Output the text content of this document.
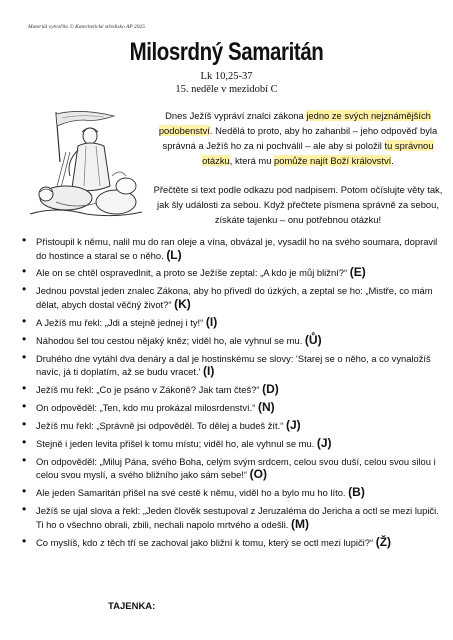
Materiál vytvořilo © Katechetické středisko AP 2025
Milosrdný Samaritán
Lk 10,25-37
15. neděle v mezidobí C
Dnes Ježíš vypráví znalci zákona jedno ze svých nejznámějších podobenství. Nedělá to proto, aby ho zahanbil – jeho odpověď byla správná a Ježíš ho za ni pochválil – ale aby si položil tu správnou otázku, která mu pomůže najít Boží království.
Přečtěte si text podle odkazu pod nadpisem. Potom očíslujte věty tak, jak šly události za sebou. Když přečtete písmena správně za sebou, získáte tajenku – onu potřebnou otázku!
• Přistoupil k němu, nalil mu do ran oleje a vína, obvázal je, vysadil ho na svého soumara, dopravil do hostince a staral se o něho. (L)
• Ale on se chtěl ospravedlnit, a proto se Ježíše zeptal: „A kdo je můj bližní?“ (E)
• Jednou povstal jeden znalec Zákona, aby ho přivedl do úzkých, a zeptal se ho: „Mistře, co mám dělat, abych dostal věčný život?“ (K)
• A Ježíš mu řekl: „Jdi a stejně jednej i ty!“ (I)
• Náhodou šel tou cestou nějaký kněz; viděl ho, ale vyhnul se mu. (Ů)
• Druhého dne vytáhl dva denáry a dal je hostinskému se slovy: 'Starej se o něho, a co vynaložíš navíc, já ti doplatím, až se budu vracet.' (I)
• Ježíš mu řekl: „Co je psáno v Zákoně? Jak tam čteš?“ (D)
• On odpověděl: „Ten, kdo mu prokázal milosrdenství.“ (N)
• Ježíš mu řekl: „Správně jsi odpověděl. To dělej a budeš žít.“ (J)
• Stejně i jeden levita přišel k tomu místu; viděl ho, ale vyhnul se mu. (J)
• On odpověděl: „Miluj Pána, svého Boha, celým svým srdcem, celou svou duší, celou svou silou i celou svou myslí, a svého bližního jako sám sebe!“ (O)
• Ale jeden Samaritán přišel na své cestě k němu, viděl ho a bylo mu ho líto. (B)
• Ježíš se ujal slova a řekl: „Jeden člověk sestupoval z Jeruzaléma do Jericha a octl se mezi lupiči. Ti ho o všechno obrali, zbili, nechali napolo mrtvého a odešli. (M)
• Co myslíš, kdo z těch tří se zachoval jako bližní k tomu, který se octl mezi lupiči?“ (Ž)
TAJENKA:
